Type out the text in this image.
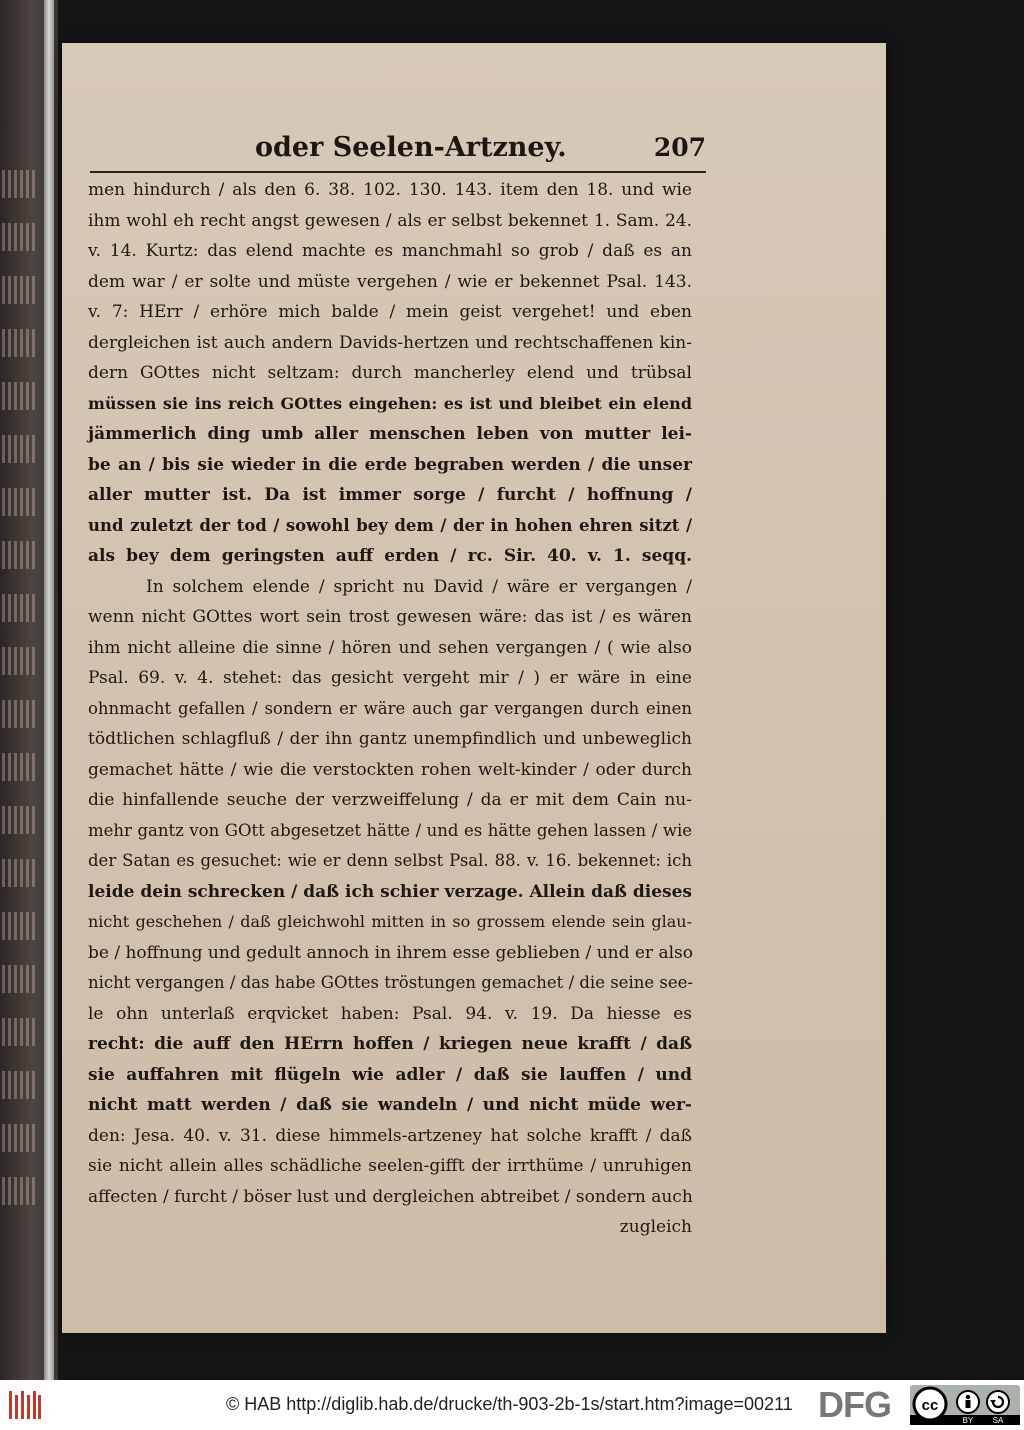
oder Seelen-Artzney.	207
men hindurch / als den 6. 38. 102. 130. 143. item den 18. und wie
ihm wohl eh recht angst gewesen / als er selbst bekennet 1. Sam. 24.
v. 14. Kurtz: das elend machte es manchmahl so grob / daß es an
dem war / er solte und müste vergehen / wie er bekennet Psal. 143.
v. 7: HErr / erhöre mich balde / mein geist vergehet! und eben
dergleichen ist auch andern Davids-hertzen und rechtschaffenen kin-
dern GOttes nicht seltzam: durch mancherley elend und trübsal
müssen sie ins reich GOttes eingehen: es ist und bleibet ein elend
jämmerlich ding umb aller menschen leben von mutter lei-
be an / bis sie wieder in die erde begraben werden / die unser
aller mutter ist. Da ist immer sorge / furcht / hoffnung /
und zuletzt der tod / sowohl bey dem / der in hohen ehren sitzt /
als bey dem geringsten auff erden / rc. Sir. 40. v. 1. seqq.
In solchem elende / spricht nu David / wäre er vergangen /
wenn nicht GOttes wort sein trost gewesen wäre: das ist / es wären
ihm nicht alleine die sinne / hören und sehen vergangen / ( wie also
Psal. 69. v. 4. stehet: das gesicht vergeht mir / ) er wäre in eine
ohnmacht gefallen / sondern er wäre auch gar vergangen durch einen
tödtlichen schlagfluß / der ihn gantz unempfindlich und unbeweglich
gemachet hätte / wie die verstockten rohen welt-kinder / oder durch
die hinfallende seuche der verzweiffelung / da er mit dem Cain nu-
mehr gantz von GOtt abgesetzet hätte / und es hätte gehen lassen / wie
der Satan es gesuchet: wie er denn selbst Psal. 88. v. 16. bekennet: ich
leide dein schrecken / daß ich schier verzage. Allein daß dieses
nicht geschehen / daß gleichwohl mitten in so grossem elende sein glau-
be / hoffnung und gedult annoch in ihrem esse geblieben / und er also
nicht vergangen / das habe GOttes tröstungen gemachet / die seine see-
le ohn unterlaß erqvicket haben: Psal. 94. v. 19. Da hiesse es
recht: die auff den HErrn hoffen / kriegen neue krafft / daß
sie auffahren mit flügeln wie adler / daß sie lauffen / und
nicht matt werden / daß sie wandeln / und nicht müde wer-
den: Jesa. 40. v. 31. diese himmels-artzeney hat solche krafft / daß
sie nicht allein alles schädliche seelen-gifft der irrthüme / unruhigen
affecten / furcht / böser lust und dergleichen abtreibet / sondern auch
zugleich
© HAB http://diglib.hab.de/drucke/th-903-2b-1s/start.htm?image=00211 DFG	cc
BY SA
